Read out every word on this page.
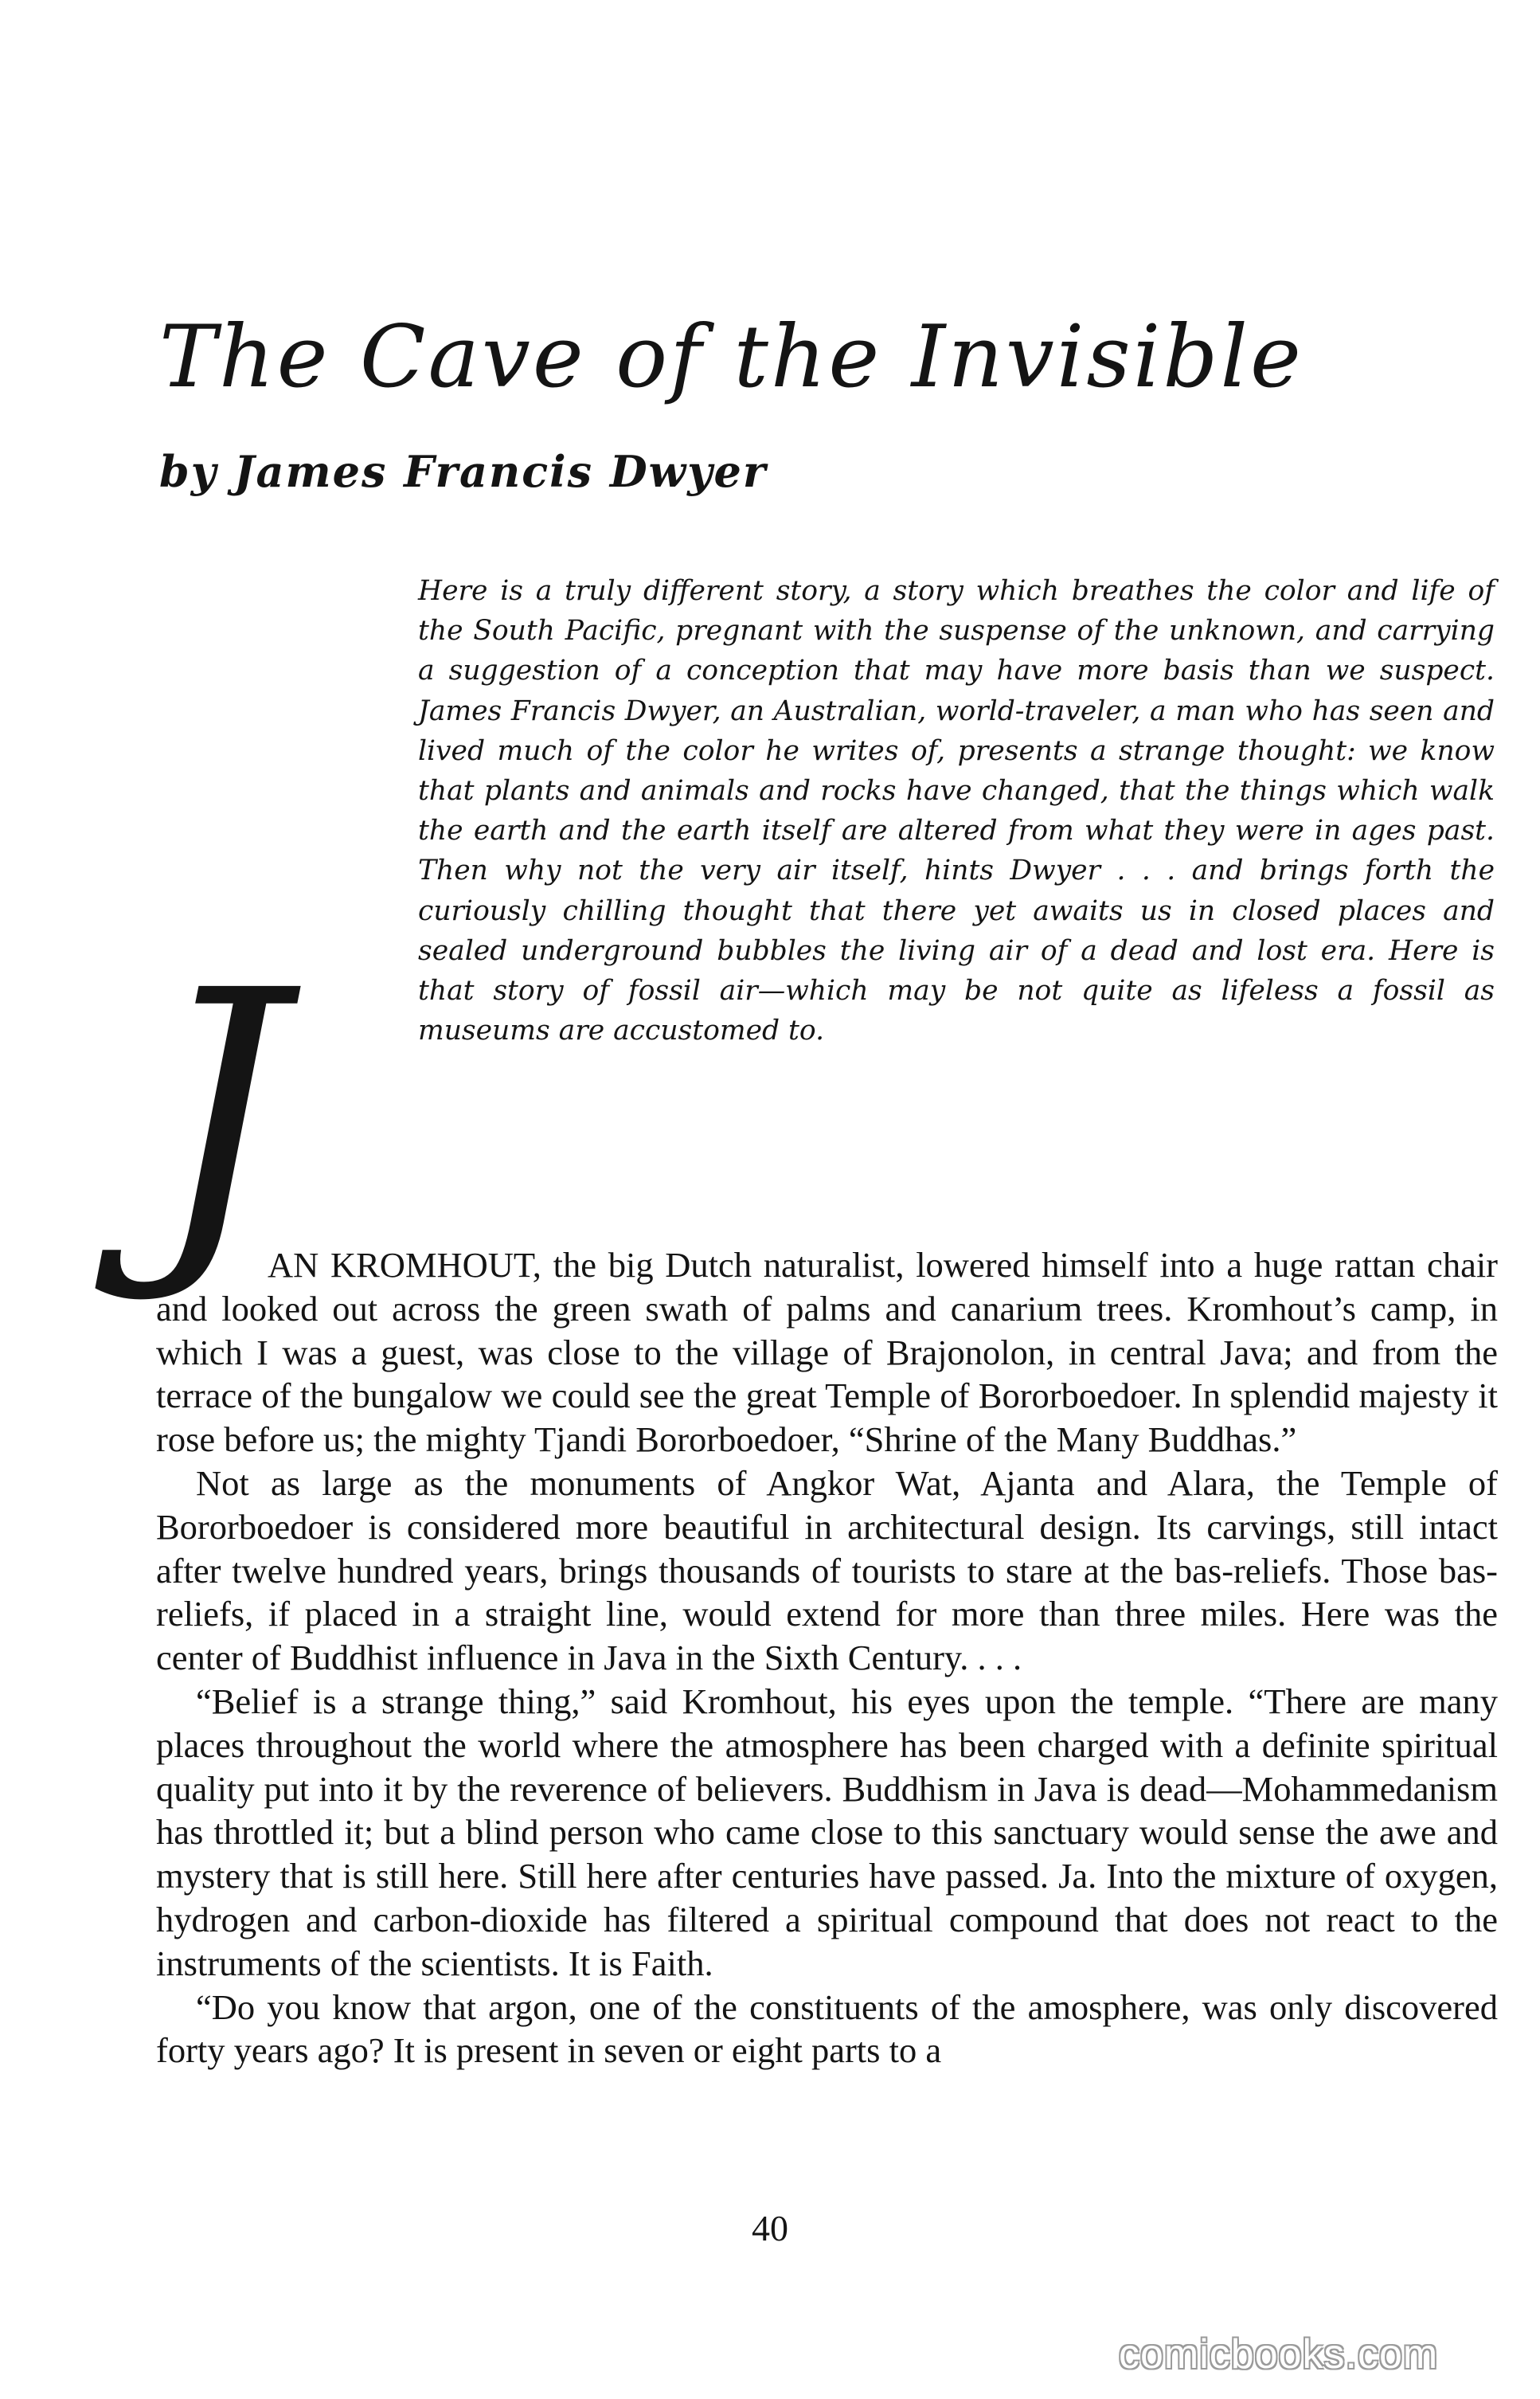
The Cave of the Invisible
by James Francis Dwyer

Here is a truly different story, a story which breathes the color and life of the South Pacific, pregnant with the suspense of the unknown, and carrying a suggestion of a conception that may have more basis than we suspect. James Francis Dwyer, an Australian, world-traveler, a man who has seen and lived much of the color he writes of, presents a strange thought: we know that plants and animals and rocks have changed, that the things which walk the earth and the earth itself are altered from what they were in ages past. Then why not the very air itself, hints Dwyer . . . and brings forth the curiously chilling thought that there yet awaits us in closed places and sealed underground bubbles the living air of a dead and lost era. Here is that story of fossil air—which may be not quite as lifeless a fossil as museums are accustomed to.

J

AN KROMHOUT, the big Dutch naturalist, lowered himself into a huge rattan chair and looked out across the green swath of palms and canarium trees. Kromhout’s camp, in which I was a guest, was close to the village of Brajonolon, in central Java; and from the terrace of the bungalow we could see the great Temple of Bororboedoer. In splendid majesty it rose before us; the mighty Tjandi Bororboedoer, “Shrine of the Many Buddhas.”

Not as large as the monuments of Angkor Wat, Ajanta and Alara, the Temple of Bororboedoer is considered more beautiful in architectural design. Its carvings, still intact after twelve hundred years, brings thousands of tourists to stare at the bas-reliefs. Those bas-reliefs, if placed in a straight line, would extend for more than three miles. Here was the center of Buddhist influence in Java in the Sixth Century. . . .

“Belief is a strange thing,” said Kromhout, his eyes upon the temple. “There are many places throughout the world where the atmosphere has been charged with a definite spiritual quality put into it by the reverence of believers. Buddhism in Java is dead—Mohammedanism has throttled it; but a blind person who came close to this sanctuary would sense the awe and mystery that is still here. Still here after centuries have passed. Ja. Into the mixture of oxygen, hydrogen and carbon-dioxide has filtered a spiritual compound that does not react to the instruments of the scientists. It is Faith.

“Do you know that argon, one of the constituents of the amosphere, was only discovered forty years ago? It is present in seven or eight parts to a

40

comicbooks.com
